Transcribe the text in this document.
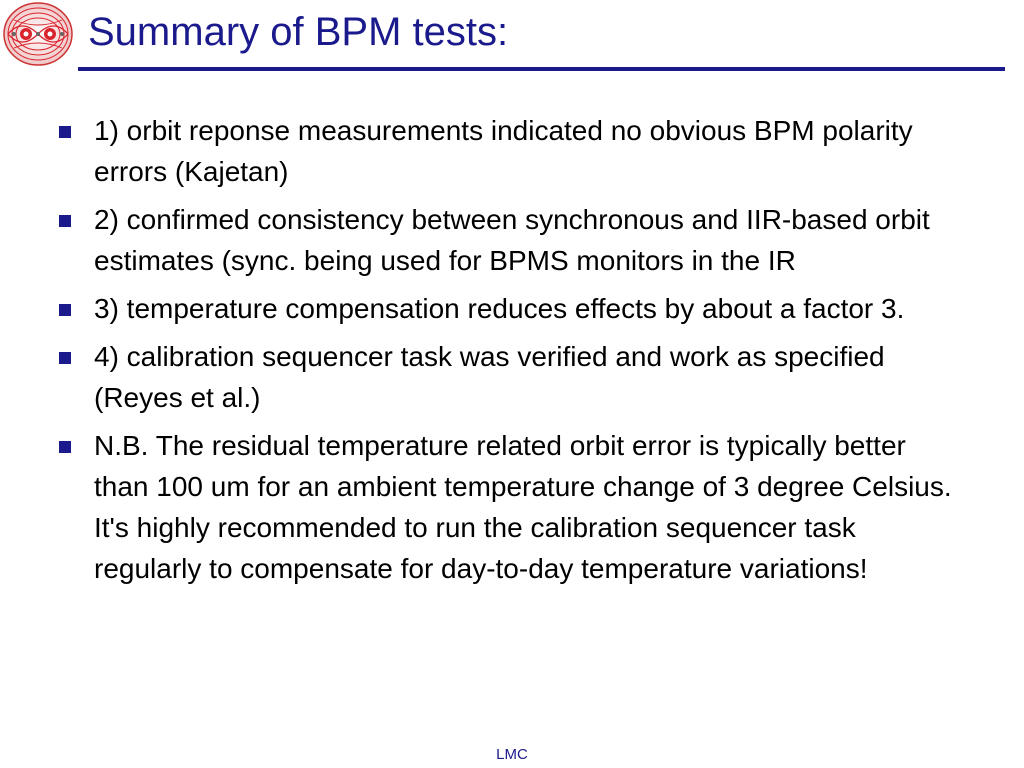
Summary of BPM tests:
1) orbit reponse measurements indicated no obvious BPM polarity errors (Kajetan)
2) confirmed consistency between synchronous and IIR-based orbit estimates (sync. being used for BPMS monitors in the IR
3) temperature compensation reduces effects by about a factor 3.
4) calibration sequencer task was verified and work as specified (Reyes et al.)
N.B. The residual temperature related orbit error is typically better than 100 um for an ambient temperature change of 3 degree Celsius. It's highly recommended to run the calibration sequencer task regularly to compensate for day-to-day temperature variations!
LMC
